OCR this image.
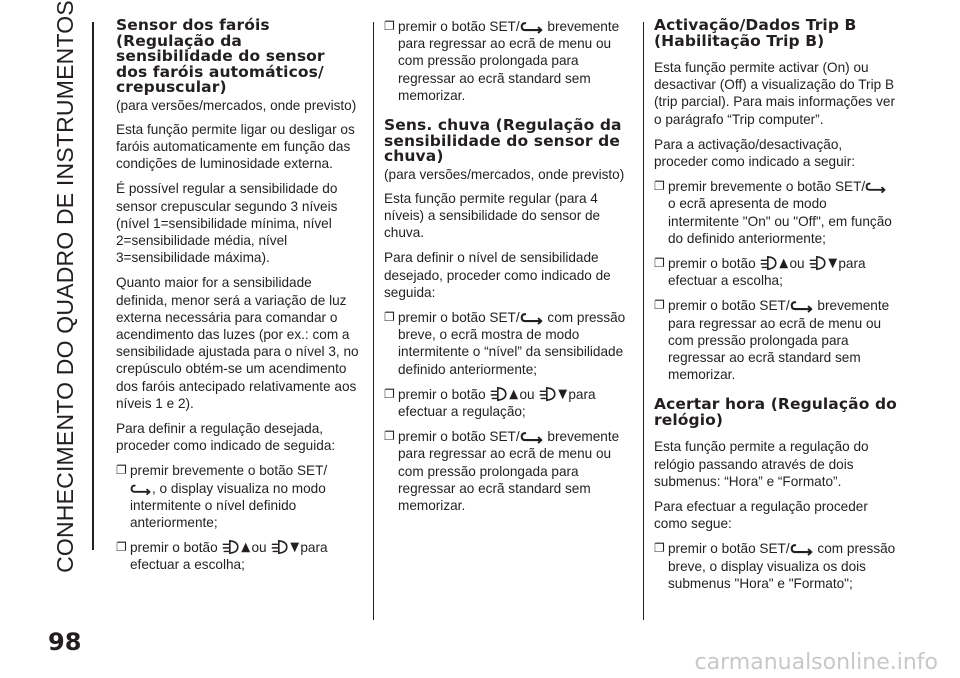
CONHECIMENTO DO QUADRO DE INSTRUMENTOS
98
Sensor dos faróis (Regulação da sensibilidade do sensor dos faróis automáticos/ crepuscular)
(para versões/mercados, onde previsto)
Esta função permite ligar ou desligar os faróis automaticamente em função das condições de luminosidade externa.
É possível regular a sensibilidade do sensor crepuscular segundo 3 níveis (nível 1=sensibilidade mínima, nível 2=sensibilidade média, nível 3=sensibilidade máxima).
Quanto maior for a sensibilidade definida, menor será a variação de luz externa necessária para comandar o acendimento das luzes (por ex.: com a sensibilidade ajustada para o nível 3, no crepúsculo obtém-se um acendimento dos faróis antecipado relativamente aos níveis 1 e 2).
Para definir a regulação desejada, proceder como indicado de seguida:
❐ premir brevemente o botão SET/
, o display visualiza no modo intermitente o nível definido anteriormente;
❐ premir o botão ou para efectuar a escolha;
❐ premir o botão SET/ brevemente para regressar ao ecrã de menu ou com pressão prolongada para regressar ao ecrã standard sem memorizar.
Sens. chuva (Regulação da sensibilidade do sensor de chuva)
(para versões/mercados, onde previsto)
Esta função permite regular (para 4 níveis) a sensibilidade do sensor de chuva.
Para definir o nível de sensibilidade desejado, proceder como indicado de seguida:
❐ premir o botão SET/ com pressão breve, o ecrã mostra de modo intermitente o “nível” da sensibilidade definido anteriormente;
❐ premir o botão ou para efectuar a regulação;
❐ premir o botão SET/ brevemente para regressar ao ecrã de menu ou com pressão prolongada para regressar ao ecrã standard sem memorizar.
Activação/Dados Trip B (Habilitação Trip B)
Esta função permite activar (On) ou desactivar (Off) a visualização do Trip B (trip parcial). Para mais informações ver o parágrafo “Trip computer”.
Para a activação/desactivação, proceder como indicado a seguir:
❐ premir brevemente o botão SET/ o ecrã apresenta de modo intermitente "On" ou "Off", em função do definido anteriormente;
❐ premir o botão ou para efectuar a escolha;
❐ premir o botão SET/ brevemente para regressar ao ecrã de menu ou com pressão prolongada para regressar ao ecrã standard sem memorizar.
Acertar hora (Regulação do relógio)
Esta função permite a regulação do relógio passando através de dois submenus: “Hora” e “Formato”.
Para efectuar a regulação proceder como segue:
❐ premir o botão SET/ com pressão breve, o display visualiza os dois submenus "Hora" e "Formato";
carmanualsonline.info
